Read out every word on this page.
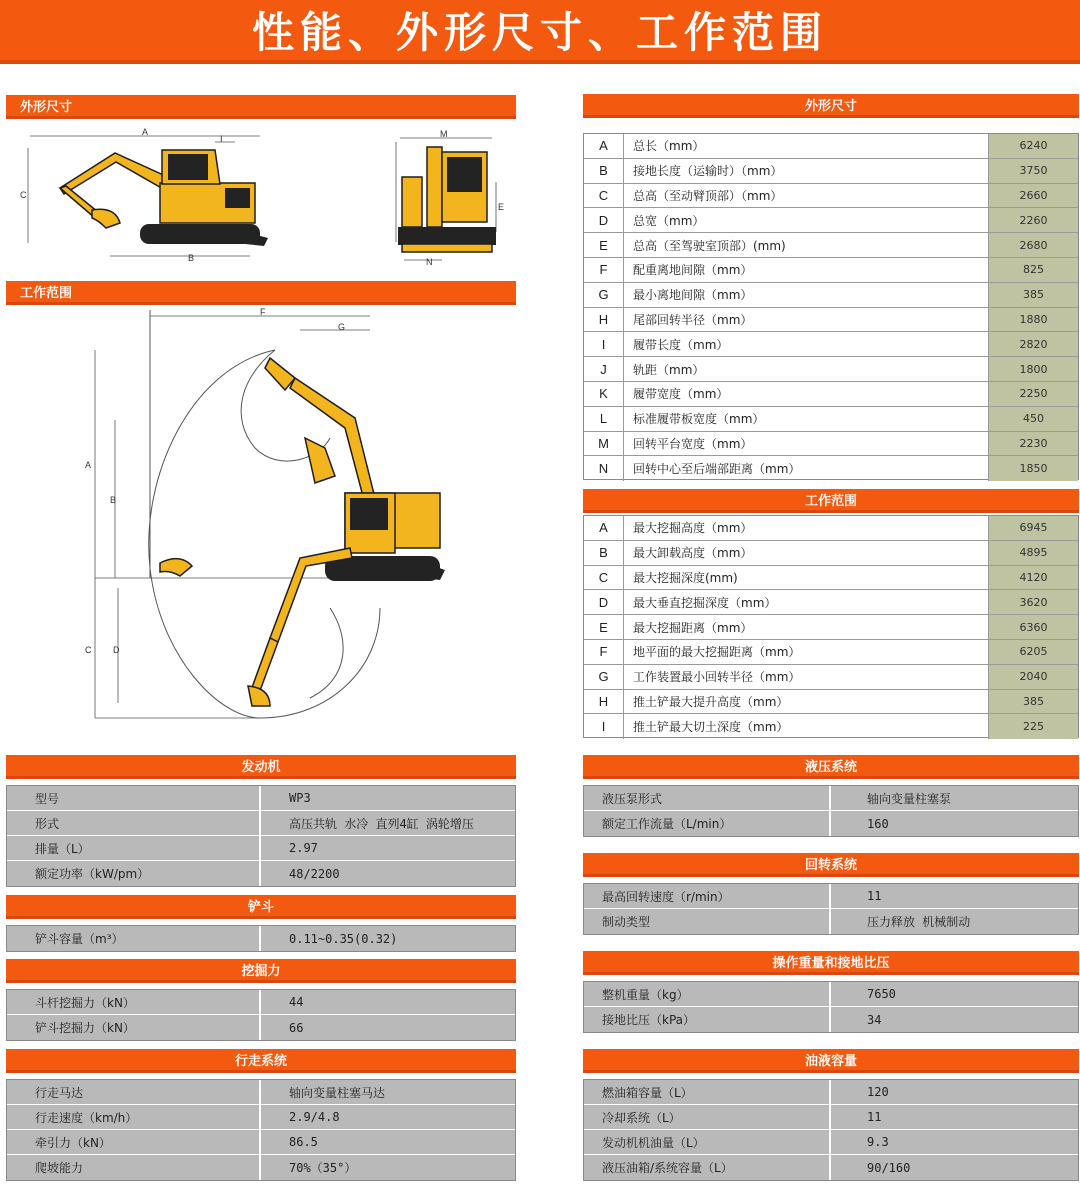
性能、外形尺寸、工作范围
外形尺寸
A
C
B
I	M
E
N
工作范围
F
G
A
B
C D
外形尺寸
A	总长（mm）	6240
B	接地长度（运输时）（mm）	3750
C	总高（至动臂顶部）（mm）	2660
D	总宽（mm）	2260
E	总高（至驾驶室顶部）(mm)	2680
F	配重离地间隙（mm）	825
G	最小离地间隙（mm）	385
H	尾部回转半径（mm）	1880
I	履带长度（mm）	2820
J	轨距（mm）	1800
K	履带宽度（mm）	2250
L	标准履带板宽度（mm）	450
M	回转平台宽度（mm）	2230
N	回转中心至后端部距离（mm）	1850
工作范围
A	最大挖掘高度（mm）	6945
B	最大卸载高度（mm）	4895
C	最大挖掘深度(mm)	4120
D	最大垂直挖掘深度（mm）	3620
E	最大挖掘距离（mm）	6360
F	地平面的最大挖掘距离（mm）	6205
G	工作装置最小回转半径（mm）	2040
H	推土铲最大提升高度（mm）	385
I	推土铲最大切土深度（mm）	225
发动机
型号	WP3
形式	高压共轨 水冷 直列4缸 涡轮增压
排量（L）	2.97
额定功率（kW/pm）	48/2200
铲斗
铲斗容量（m³）	0.11~0.35(0.32)
挖掘力
斗杆挖掘力（kN）	44
铲斗挖掘力（kN）	66
行走系统
行走马达	轴向变量柱塞马达
行走速度（km/h）	2.9/4.8
牵引力（kN）	86.5
爬坡能力	70%（35°）
液压系统
液压泵形式	轴向变量柱塞泵
额定工作流量（L/min）	160
回转系统
最高回转速度（r/min）	11
制动类型	压力释放 机械制动
操作重量和接地比压
整机重量（kg）	7650
接地比压（kPa）	34
油液容量
燃油箱容量（L）	120
冷却系统（L）	11
发动机机油量（L）	9.3
液压油箱/系统容量（L）	90/160
